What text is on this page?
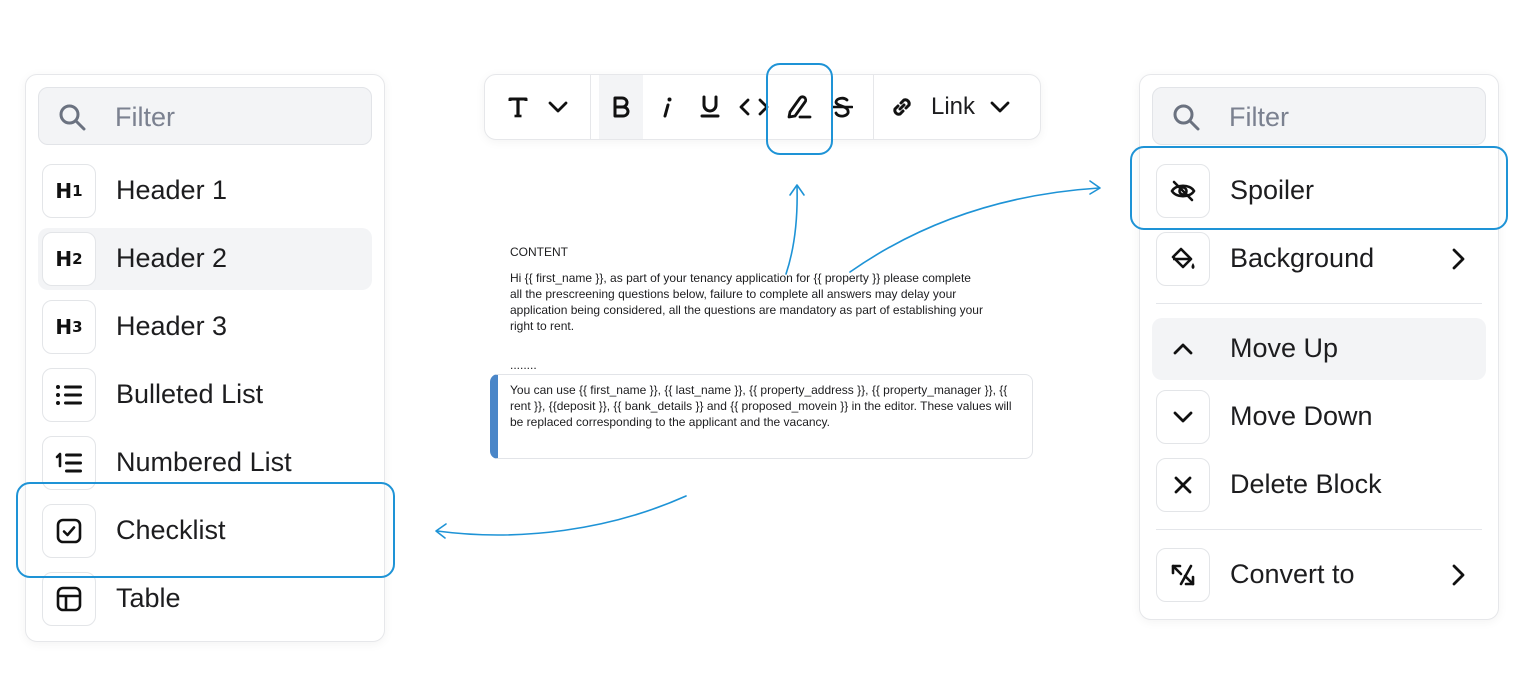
Filter
H 1 Header 1
H 2 Header 2
H 3 Header 3
Bulleted List
Numbered List
Checklist
Table
Link
CONTENT
Hi {{ first_name }}, as part of your tenancy application for {{ property }} please complete all the prescreening questions below, failure to complete all answers may delay your application being considered, all the questions are mandatory as part of establishing your right to rent.
........
You can use {{ first_name }}, {{ last_name }}, {{ property_address }}, {{ property_manager }}, {{ rent }}, {{deposit }}, {{ bank_details }} and {{ proposed_movein }} in the editor. These values will be replaced corresponding to the applicant and the vacancy.
Filter
Spoiler
Background
Move Up
Move Down
Delete Block
Convert to
